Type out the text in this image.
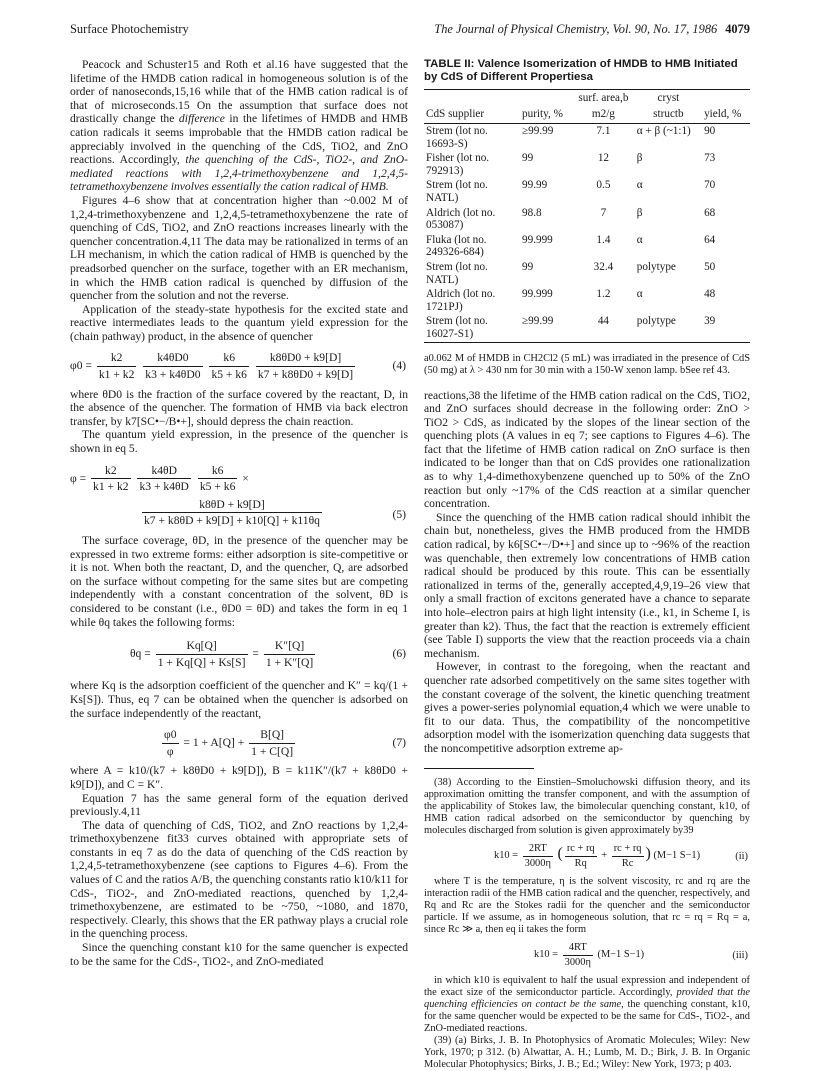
Surface Photochemistry	The Journal of Physical Chemistry, Vol. 90, No. 17, 1986 4079

Peacock and Schuster15 and Roth et al.16 have suggested that the lifetime of the HMDB cation radical in homogeneous solution is of the order of nanoseconds,15,16 while that of the HMB cation radical is of that of microseconds.15 On the assumption that surface does not drastically change the difference in the lifetimes of HMDB and HMB cation radicals it seems improbable that the HMDB cation radical be appreciably involved in the quenching of the CdS, TiO2, and ZnO reactions. Accordingly, the quenching of the CdS-, TiO2-, and ZnO-mediated reactions with 1,2,4-trimethoxybenzene and 1,2,4,5-tetramethoxybenzene involves essentially the cation radical of HMB.

Figures 4–6 show that at concentration higher than ~0.002 M of 1,2,4-trimethoxybenzene and 1,2,4,5-tetramethoxybenzene the rate of quenching of CdS, TiO2, and ZnO reactions increases linearly with the quencher concentration.4,11 The data may be rationalized in terms of an LH mechanism, in which the cation radical of HMB is quenched by the preadsorbed quencher on the surface, together with an ER mechanism, in which the HMB cation radical is quenched by diffusion of the quencher from the solution and not the reverse.

Application of the steady-state hypothesis for the excited state and reactive intermediates leads to the quantum yield expression for the (chain pathway) product, in the absence of quencher

$\varphi 0 = \frac{k2}{k1 + k2}$
$\frac{k4\theta D0}{k3 + k4\theta D0}$
$\frac{k6}{k5 + k6}$
$\frac{k8\theta D0 + k9[D]}{k7 + k8\theta D0 + k9[D]}$	(4)

where θD0 is the fraction of the surface covered by the reactant, D, in the absence of the quencher. The formation of HMB via back electron transfer, by k7[SC•−/B•+], should depress the chain reaction.

The quantum yield expression, in the presence of the quencher is shown in eq 5.

$\varphi = \frac{k2}{k1 + k2}$
$\frac{k4\theta D}{k3 + k4\theta D}$
$\frac{k6}{k5 + k6}$ ×
$\frac{k8\theta D + k9[D]}{k7 + k8\theta D + k9[D] + k10[Q] + k11\theta q}$	(5)

The surface coverage, θD, in the presence of the quencher may be expressed in two extreme forms: either adsorption is site-competitive or it is not. When both the reactant, D, and the quencher, Q, are adsorbed on the surface without competing for the same sites but are competing independently with a constant concentration of the solvent, θD is considered to be constant (i.e., θD0 = θD) and takes the form in eq 1 while θq takes the following forms:

$\theta q = \frac{Kq[Q]}{1 + Kq[Q] + Ks[S]} = \frac{K''[Q]}{1 + K''[Q]}$	(6)

where Kq is the adsorption coefficient of the quencher and K″ = kq/(1 + Ks[S]). Thus, eq 7 can be obtained when the quencher is adsorbed on the surface independently of the reactant,

$\frac{\varphi 0}{\varphi} = 1 + A[Q] + \frac{B[Q]}{1 + C[Q]}$	(7)

where A = k10/(k7 + k8θD0 + k9[D]), B = k11K″/(k7 + k8θD0 + k9[D]), and C = K″.

Equation 7 has the same general form of the equation derived previously.4,11

The data of quenching of CdS, TiO2, and ZnO reactions by 1,2,4-trimethoxybenzene fit33 curves obtained with appropriate sets of constants in eq 7 as do the data of quenching of the CdS reaction by 1,2,4,5-tetramethoxybenzene (see captions to Figures 4–6). From the values of C and the ratios A/B, the quenching constants ratio k10/k11 for CdS-, TiO2-, and ZnO-mediated reactions, quenched by 1,2,4-trimethoxybenzene, are estimated to be ~750, ~1080, and 1870, respectively. Clearly, this shows that the ER pathway plays a crucial role in the quenching process.

Since the quenching constant k10 for the same quencher is expected to be the same for the CdS-, TiO2-, and ZnO-mediated

TABLE II: Valence Isomerization of HMDB to HMB Initiated by CdS of Different Propertiesa
		surf. area,b	cryst	
CdS supplier	purity, %	m2/g	structb	yield, %
Strem (lot no. 16693-S)	≥99.99	7.1	α + β (~1:1)	90
Fisher (lot no. 792913)	99	12	β	73
Strem (lot no. NATL)	99.99	0.5	α	70
Aldrich (lot no. 053087)	98.8	7	β	68
Fluka (lot no. 249326-684)	99.999	1.4	α	64
Strem (lot no. NATL)	99	32.4	polytype	50
Aldrich (lot no. 1721PJ)	99.999	1.2	α	48
Strem (lot no. 16027-S1)	≥99.99	44	polytype	39
a0.062 M of HMDB in CH2Cl2 (5 mL) was irradiated in the presence of CdS (50 mg) at λ > 430 nm for 30 min with a 150-W xenon lamp. bSee ref 43.

reactions,38 the lifetime of the HMB cation radical on the CdS, TiO2, and ZnO surfaces should decrease in the following order: ZnO > TiO2 > CdS, as indicated by the slopes of the linear section of the quenching plots (A values in eq 7; see captions to Figures 4–6). The fact that the lifetime of HMB cation radical on ZnO surface is then indicated to be longer than that on CdS provides one rationalization as to why 1,4-dimethoxybenzene quenched up to 50% of the ZnO reaction but only ~17% of the CdS reaction at a similar quencher concentration.

Since the quenching of the HMB cation radical should inhibit the chain but, nonetheless, gives the HMB produced from the HMDB cation radical, by k6[SC•−/D•+] and since up to ~96% of the reaction was quenchable, then extremely low concentrations of HMB cation radical should be produced by this route. This can be essentially rationalized in terms of the, generally accepted,4,9,19–26 view that only a small fraction of excitons generated have a chance to separate into hole–electron pairs at high light intensity (i.e., k1, in Scheme I, is greater than k2). Thus, the fact that the reaction is extremely efficient (see Table I) supports the view that the reaction proceeds via a chain mechanism.

However, in contrast to the foregoing, when the reactant and quencher rate adsorbed competitively on the same sites together with the constant coverage of the solvent, the kinetic quenching treatment gives a power-series polynomial equation,4 which we were unable to fit to our data. Thus, the compatibility of the noncompetitive adsorption model with the isomerization quenching data suggests that the noncompetitive adsorption extreme ap-

(38) According to the Einstien–Smoluchowski diffusion theory, and its approximation omitting the transfer component, and with the assumption of the applicability of Stokes law, the bimolecular quenching constant, k10, of HMB cation radical adsorbed on the semiconductor by quenching by molecules discharged from solution is given approximately by39

$k10 = \frac{2RT}{3000\eta}$ ( $\frac{rc + rq}{Rq} + \frac{rc + rq}{Rc}$ ) (M−1 S−1)	(ii)

where T is the temperature, η is the solvent viscosity, rc and rq are the interaction radii of the HMB cation radical and the quencher, respectively, and Rq and Rc are the Stokes radii for the quencher and the semiconductor particle. If we assume, as in homogeneous solution, that rc = rq = Rq = a, since Rc ≫ a, then eq ii takes the form

$k10 = \frac{4RT}{3000\eta} (M-1$ S−1)	(iii)

in which k10 is equivalent to half the usual expression and independent of the exact size of the semiconductor particle. Accordingly, provided that the quenching efficiencies on contact be the same, the quenching constant, k10, for the same quencher would be expected to be the same for CdS-, TiO2-, and ZnO-mediated reactions.

(39) (a) Birks, J. B. In Photophysics of Aromatic Molecules; Wiley: New York, 1970; p 312. (b) Alwattar, A. H.; Lumb, M. D.; Birk, J. B. In Organic Molecular Photophysics; Birks, J. B.; Ed.; Wiley: New York, 1973; p 403.
